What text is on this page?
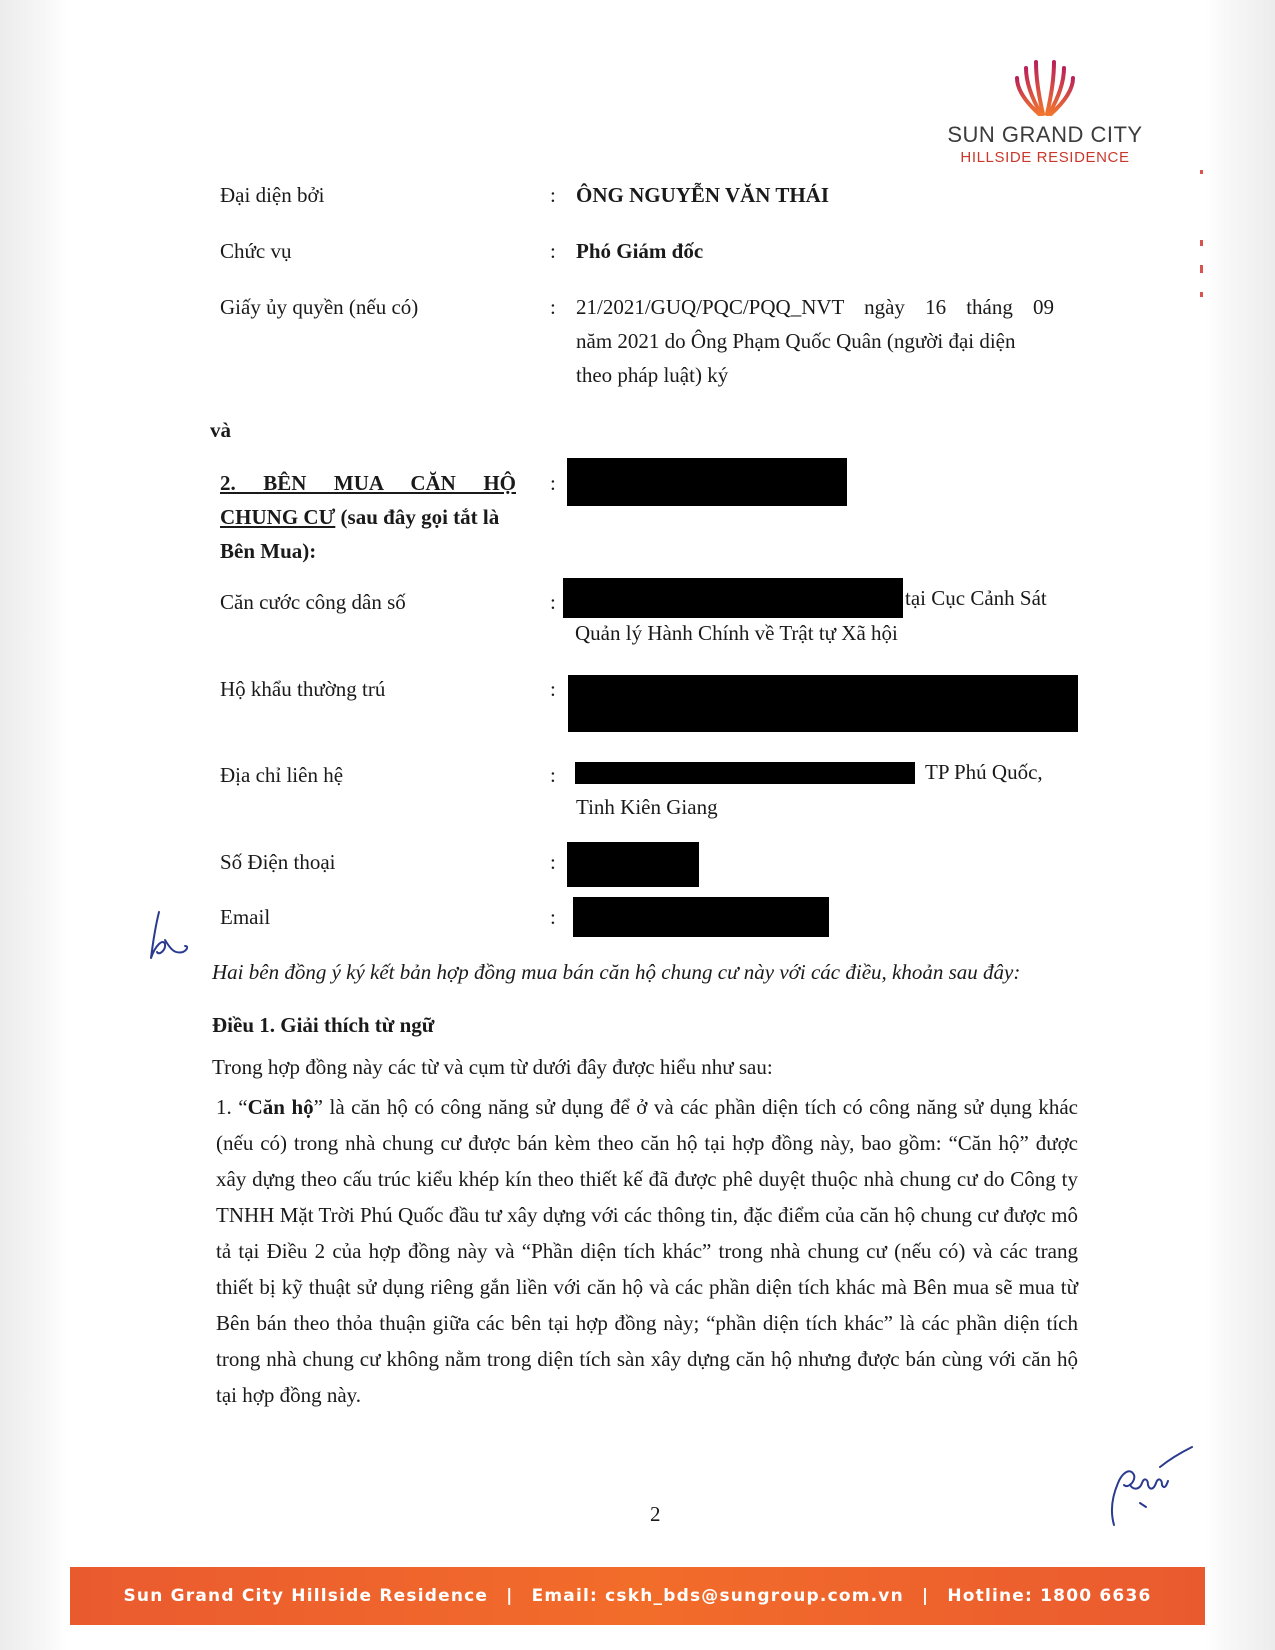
SUN GRAND CITY
HILLSIDE RESIDENCE
Đại diện bởi	: ÔNG NGUYỄN VĂN THÁI
Chức vụ	: Phó Giám đốc
Giấy ủy quyền (nếu có)	: 21/2021/GUQ/PQC/PQQ_NVT ngày 16 tháng 09
năm 2021 do Ông Phạm Quốc Quân (người đại diện
theo pháp luật) ký
và
2. BÊN MUA CĂN HỘ :
CHUNG CƯ (sau đây gọi tắt là
Bên Mua):
Căn cước công dân số	:	tại Cục Cảnh Sát
Quản lý Hành Chính về Trật tự Xã hội
Hộ khẩu thường trú	:
Địa chỉ liên hệ	:	TP Phú Quốc,
Tinh Kiên Giang
Số Điện thoại	:
Email	:
Hai bên đồng ý ký kết bản hợp đồng mua bán căn hộ chung cư này với các điều, khoản sau đây:
Điều 1. Giải thích từ ngữ
Trong hợp đồng này các từ và cụm từ dưới đây được hiểu như sau:
1. “Căn hộ” là căn hộ có công năng sử dụng để ở và các phần diện tích có công năng sử dụng khác (nếu có) trong nhà chung cư được bán kèm theo căn hộ tại hợp đồng này, bao gồm: “Căn hộ” được xây dựng theo cấu trúc kiểu khép kín theo thiết kế đã được phê duyệt thuộc nhà chung cư do Công ty TNHH Mặt Trời Phú Quốc đầu tư xây dựng với các thông tin, đặc điểm của căn hộ chung cư được mô tả tại Điều 2 của hợp đồng này và “Phần diện tích khác” trong nhà chung cư (nếu có) và các trang thiết bị kỹ thuật sử dụng riêng gắn liền với căn hộ và các phần diện tích khác mà Bên mua sẽ mua từ Bên bán theo thỏa thuận giữa các bên tại hợp đồng này; “phần diện tích khác” là các phần diện tích trong nhà chung cư không nằm trong diện tích sàn xây dựng căn hộ nhưng được bán cùng với căn hộ tại hợp đồng này.
2
Sun Grand City Hillside Residence | Email: cskh_bds@sungroup.com.vn | Hotline: 1800 6636
